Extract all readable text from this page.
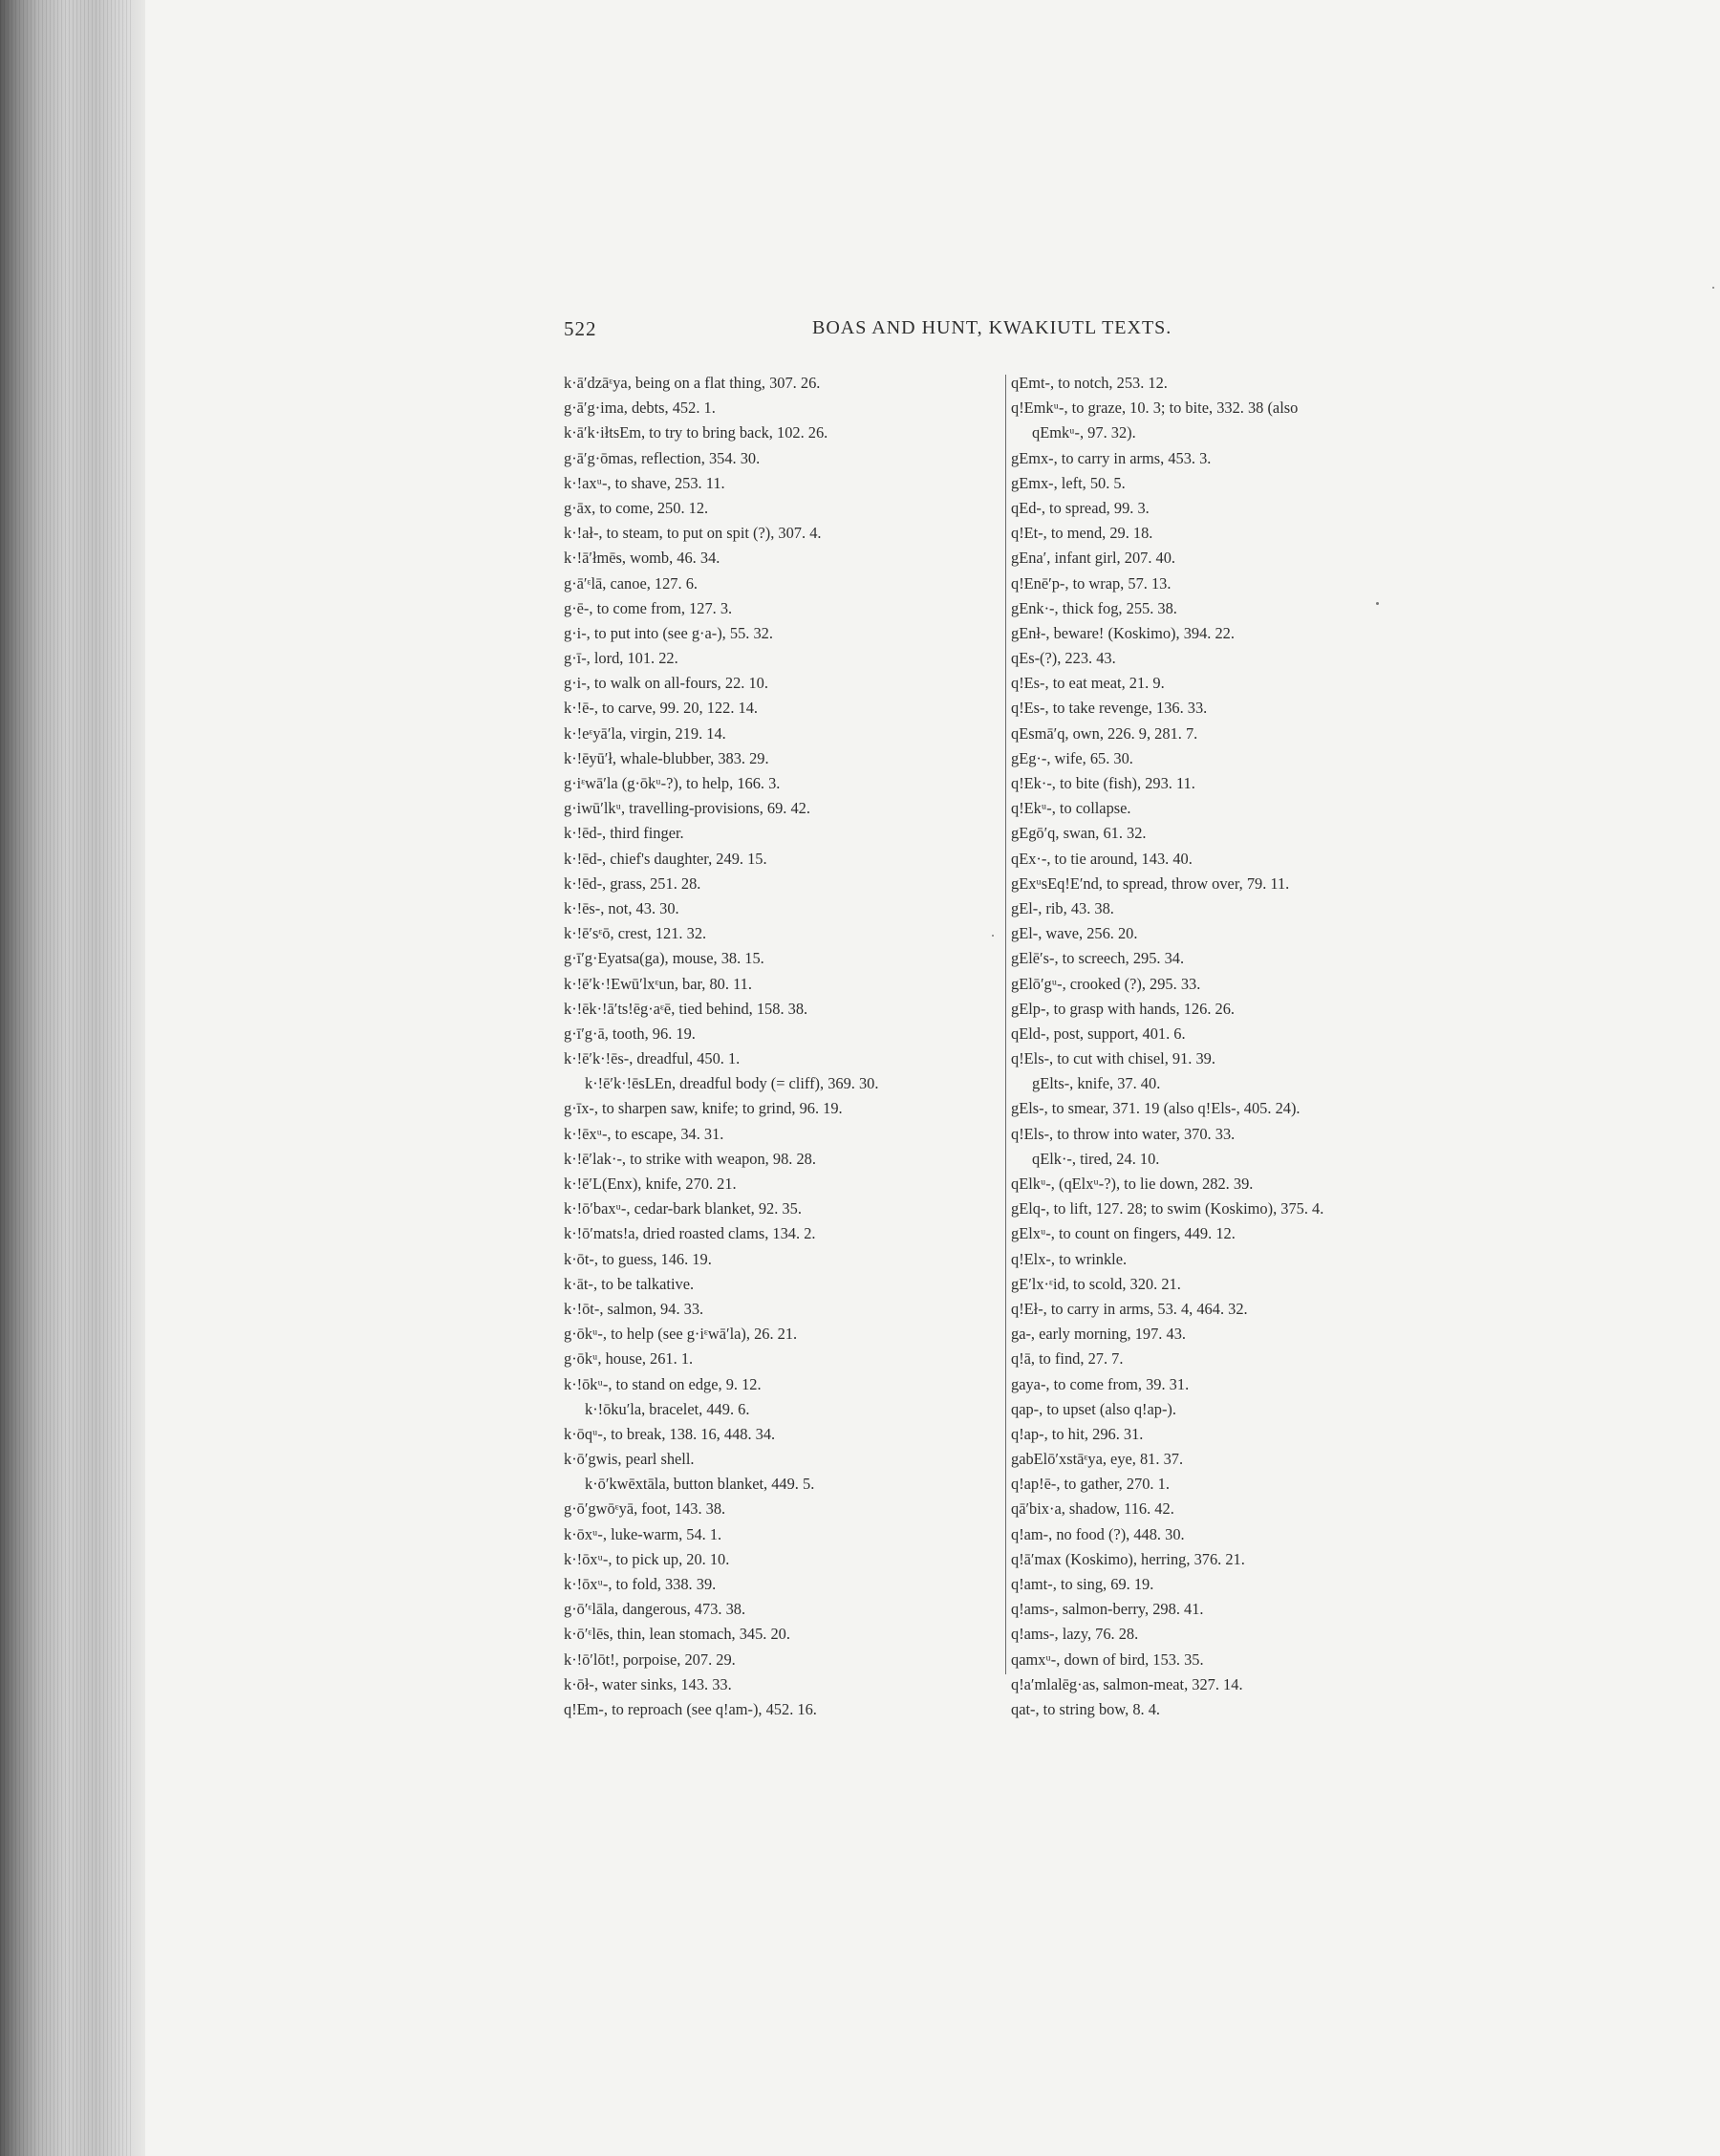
522	BOAS AND HUNT, KWAKIUTL TEXTS.
k·ā′dzāᵋya, being on a flat thing, 307. 26.
g·ā′g·ima, debts, 452. 1.
k·ā′k·iłtsEm, to try to bring back, 102. 26.
g·ā′g·ōmas, reflection, 354. 30.
k·!axᵘ-, to shave, 253. 11.
g·āx, to come, 250. 12.
k·!ał-, to steam, to put on spit (?), 307. 4.
k·!ā′łmēs, womb, 46. 34.
g·ā′ᵋlā, canoe, 127. 6.
g·ē-, to come from, 127. 3.
g·i-, to put into (see g·a-), 55. 32.
g·ī-, lord, 101. 22.
g·i-, to walk on all-fours, 22. 10.
k·!ē-, to carve, 99. 20, 122. 14.
k·!eᵋyā′la, virgin, 219. 14.
k·!ēyū′ł, whale-blubber, 383. 29.
g·iᵋwā′la (g·ōkᵘ-?), to help, 166. 3.
g·iwū′lkᵘ, travelling-provisions, 69. 42.
k·!ēd-, third finger.
k·!ēd-, chief's daughter, 249. 15.
k·!ēd-, grass, 251. 28.
k·!ēs-, not, 43. 30.
k·!ē′sᵋō, crest, 121. 32.
g·ī′g·Eyatsa(ga), mouse, 38. 15.
k·!ē′k·!Ewū′lxᵋun, bar, 80. 11.
k·!ēk·!ā′ts!ēg·aᵋē, tied behind, 158. 38.
g·ī′g·ā, tooth, 96. 19.
k·!ē′k·!ēs-, dreadful, 450. 1.
k·!ē′k·!ēsLEn, dreadful body (= cliff), 369. 30.
g·īx-, to sharpen saw, knife; to grind, 96. 19.
k·!ēxᵘ-, to escape, 34. 31.
k·!ē′lak·-, to strike with weapon, 98. 28.
k·!ē′L(Enx), knife, 270. 21.
k·!ō′baxᵘ-, cedar-bark blanket, 92. 35.
k·!ō′mats!a, dried roasted clams, 134. 2.
k·ōt-, to guess, 146. 19.
k·āt-, to be talkative.
k·!ōt-, salmon, 94. 33.
g·ōkᵘ-, to help (see g·iᵋwā′la), 26. 21.
g·ōkᵘ, house, 261. 1.
k·!ōkᵘ-, to stand on edge, 9. 12.
k·!ōku′la, bracelet, 449. 6.
k·ōqᵘ-, to break, 138. 16, 448. 34.
k·ō′gwis, pearl shell.
k·ō′kwēxtāla, button blanket, 449. 5.
g·ō′gwōᵋyā, foot, 143. 38.
k·ōxᵘ-, luke-warm, 54. 1.
k·!ōxᵘ-, to pick up, 20. 10.
k·!ōxᵘ-, to fold, 338. 39.
g·ō′ᵋlāla, dangerous, 473. 38.
k·ō′ᵋlēs, thin, lean stomach, 345. 20.
k·!ō′lōt!, porpoise, 207. 29.
k·ōł-, water sinks, 143. 33.
q!Em-, to reproach (see q!am-), 452. 16.
qEmt-, to notch, 253. 12.
q!Emkᵘ-, to graze, 10. 3; to bite, 332. 38 (also
qEmkᵘ-, 97. 32).
gEmx-, to carry in arms, 453. 3.
gEmx-, left, 50. 5.
qEd-, to spread, 99. 3.
q!Et-, to mend, 29. 18.
gEna′, infant girl, 207. 40.
q!Enē′p-, to wrap, 57. 13.
gEnk·-, thick fog, 255. 38.
gEnł-, beware! (Koskimo), 394. 22.
qEs-(?), 223. 43.
q!Es-, to eat meat, 21. 9.
q!Es-, to take revenge, 136. 33.
qEsmā′q, own, 226. 9, 281. 7.
gEg·-, wife, 65. 30.
q!Ek·-, to bite (fish), 293. 11.
q!Ekᵘ-, to collapse.
gEgō′q, swan, 61. 32.
qEx·-, to tie around, 143. 40.
gExᵘsEq!E′nd, to spread, throw over, 79. 11.
gEl-, rib, 43. 38.
gEl-, wave, 256. 20.
gElē′s-, to screech, 295. 34.
gElō′gᵘ-, crooked (?), 295. 33.
gElp-, to grasp with hands, 126. 26.
qEld-, post, support, 401. 6.
q!Els-, to cut with chisel, 91. 39.
gElts-, knife, 37. 40.
gEls-, to smear, 371. 19 (also q!Els-, 405. 24).
q!Els-, to throw into water, 370. 33.
qElk·-, tired, 24. 10.
qElkᵘ-, (qElxᵘ-?), to lie down, 282. 39.
gElq-, to lift, 127. 28; to swim (Koskimo), 375. 4.
gElxᵘ-, to count on fingers, 449. 12.
q!Elx-, to wrinkle.
gE′lx·ᵋid, to scold, 320. 21.
q!Eł-, to carry in arms, 53. 4, 464. 32.
ga-, early morning, 197. 43.
q!ā, to find, 27. 7.
gaya-, to come from, 39. 31.
qap-, to upset (also q!ap-).
q!ap-, to hit, 296. 31.
gabElō′xstāᵋya, eye, 81. 37.
q!ap!ē-, to gather, 270. 1.
qā′bix·a, shadow, 116. 42.
q!am-, no food (?), 448. 30.
q!ā′max (Koskimo), herring, 376. 21.
q!amt-, to sing, 69. 19.
q!ams-, salmon-berry, 298. 41.
q!ams-, lazy, 76. 28.
qamxᵘ-, down of bird, 153. 35.
q!a′mlalēg·as, salmon-meat, 327. 14.
qat-, to string bow, 8. 4.
